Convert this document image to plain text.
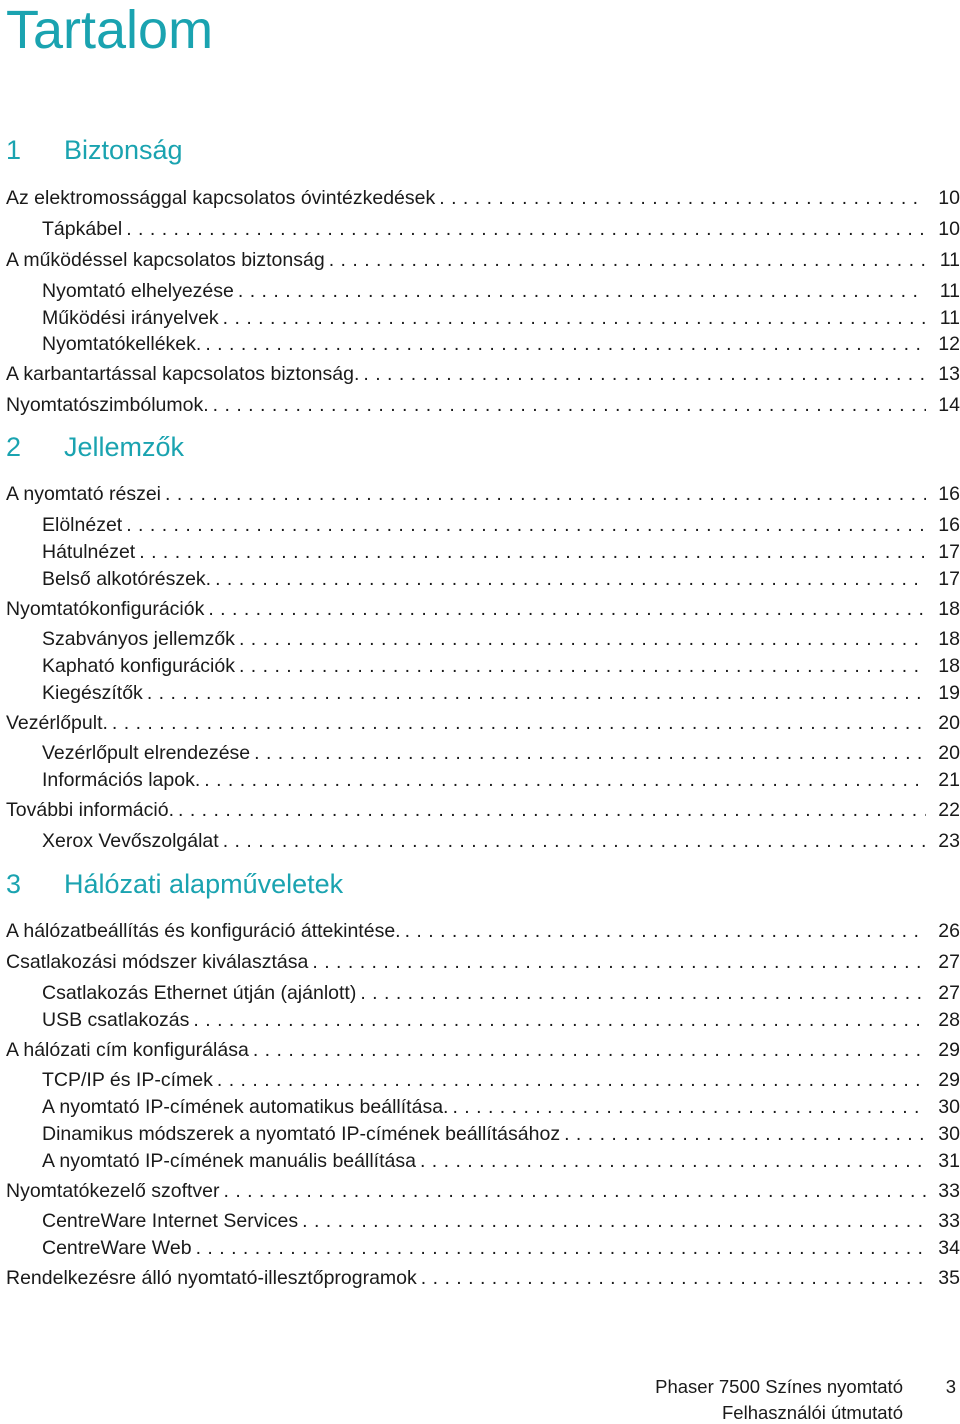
Tartalom
1 Biztonság
Az elektromossággal kapcsolatos óvintézkedések . . .	10
Tápkábel . . .	10
A működéssel kapcsolatos biztonság . . .	11
Nyomtató elhelyezése . . .	11
Működési irányelvek . . .	11
Nyomtatókellékek. . . .	12
A karbantartással kapcsolatos biztonság. . . .	13
Nyomtatószimbólumok. . . .	14
2 Jellemzők
A nyomtató részei . . .	16
Elölnézet . . .	16
Hátulnézet . . .	17
Belső alkotórészek. . . .	17
Nyomtatókonfigurációk . . .	18
Szabványos jellemzők . . .	18
Kapható konfigurációk . . .	18
Kiegészítők . . .	19
Vezérlőpult. . . .	20
Vezérlőpult elrendezése . . .	20
Információs lapok. . . .	21
További információ. . . .	22
Xerox Vevőszolgálat . . .	23
3 Hálózati alapműveletek
A hálózatbeállítás és konfiguráció áttekintése. . . .	26
Csatlakozási módszer kiválasztása . . .	27
Csatlakozás Ethernet útján (ajánlott) . . .	27
USB csatlakozás . . .	28
A hálózati cím konfigurálása . . .	29
TCP/IP és IP-címek . . .	29
A nyomtató IP-címének automatikus beállítása. . . .	30
Dinamikus módszerek a nyomtató IP-címének beállításához . . .	30
A nyomtató IP-címének manuális beállítása . . .	31
Nyomtatókezelő szoftver . . .	33
CentreWare Internet Services . . .	33
CentreWare Web . . .	34
Rendelkezésre álló nyomtató-illesztőprogramok . . .	35
Phaser 7500 Színes nyomtató
Felhasználói útmutató
3
